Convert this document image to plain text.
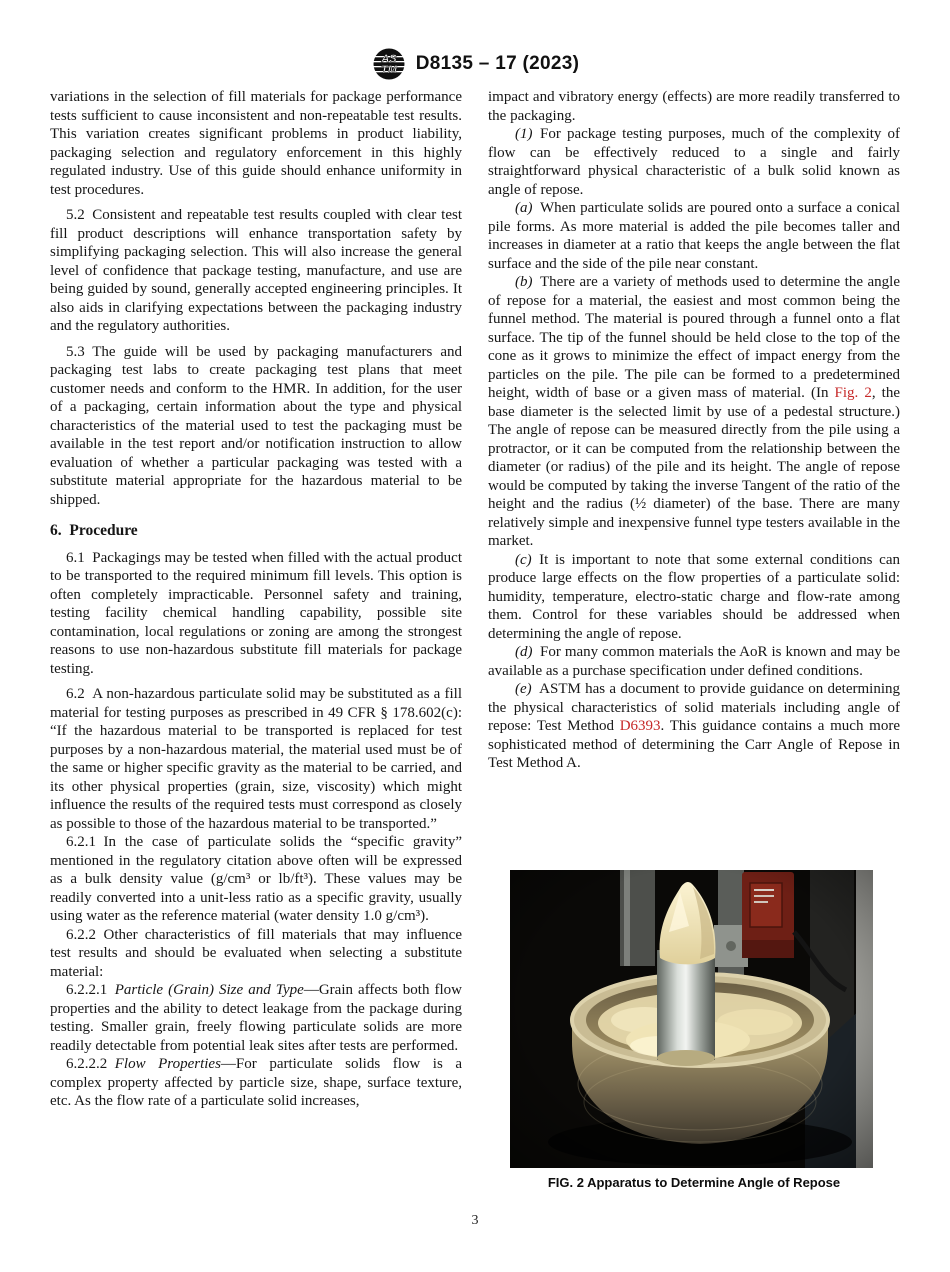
AS
TM D8135 – 17 (2023)

variations in the selection of fill materials for package performance tests sufficient to cause inconsistent and non-repeatable test results. This variation creates significant problems in product liability, packaging selection and regulatory enforcement in this highly regulated industry. Use of this guide should enhance uniformity in test procedures.

5.2 Consistent and repeatable test results coupled with clear test fill product descriptions will enhance transportation safety by simplifying packaging selection. This will also increase the general level of confidence that package testing, manufacture, and use are being guided by sound, generally accepted engineering principles. It also aids in clarifying expectations between the packaging industry and the regulatory authorities.

5.3 The guide will be used by packaging manufacturers and packaging test labs to create packaging test plans that meet customer needs and conform to the HMR. In addition, for the user of a packaging, certain information about the type and physical characteristics of the material used to test the packaging must be available in the test report and/or notification instruction to allow evaluation of whether a particular packaging was tested with a substitute material appropriate for the hazardous material to be shipped.

6. Procedure

6.1 Packagings may be tested when filled with the actual product to be transported to the required minimum fill levels. This option is often completely impracticable. Personnel safety and training, testing facility chemical handling capability, possible site contamination, local regulations or zoning are among the strongest reasons to use non-hazardous substitute fill materials for package testing.

6.2 A non-hazardous particulate solid may be substituted as a fill material for testing purposes as prescribed in 49 CFR § 178.602(c): “If the hazardous material to be transported is replaced for test purposes by a non-hazardous material, the material used must be of the same or higher specific gravity as the material to be carried, and its other physical properties (grain, size, viscosity) which might influence the results of the required tests must correspond as closely as possible to those of the hazardous material to be transported.”

6.2.1 In the case of particulate solids the “specific gravity” mentioned in the regulatory citation above often will be expressed as a bulk density value (g/cm³ or lb/ft³). These values may be readily converted into a unit-less ratio as a specific gravity, usually using water as the reference material (water density 1.0 g/cm³).

6.2.2 Other characteristics of fill materials that may influence test results and should be evaluated when selecting a substitute material:

6.2.2.1 Particle (Grain) Size and Type—Grain affects both flow properties and the ability to detect leakage from the package during testing. Smaller grain, freely flowing particulate solids are more readily detectable from potential leak sites after tests are performed.

6.2.2.2 Flow Properties—For particulate solids flow is a complex property affected by particle size, shape, surface texture, etc. As the flow rate of a particulate solid increases,

impact and vibratory energy (effects) are more readily transferred to the packaging.

(1) For package testing purposes, much of the complexity of flow can be effectively reduced to a single and fairly straightforward physical characteristic of a bulk solid known as angle of repose.

(a) When particulate solids are poured onto a surface a conical pile forms. As more material is added the pile becomes taller and increases in diameter at a ratio that keeps the angle between the flat surface and the side of the pile near constant.

(b) There are a variety of methods used to determine the angle of repose for a material, the easiest and most common being the funnel method. The material is poured through a funnel onto a flat surface. The tip of the funnel should be held close to the top of the cone as it grows to minimize the effect of impact energy from the particles on the pile. The pile can be formed to a predetermined height, width of base or a given mass of material. (In Fig. 2, the base diameter is the selected limit by use of a pedestal structure.) The angle of repose can be measured directly from the pile using a protractor, or it can be computed from the relationship between the diameter (or radius) of the pile and its height. The angle of repose would be computed by taking the inverse Tangent of the ratio of the height and the radius (½ diameter) of the base. There are many relatively simple and inexpensive funnel type testers available in the market.

(c) It is important to note that some external conditions can produce large effects on the flow properties of a particulate solid: humidity, temperature, electro-static charge and flow-rate among them. Control for these variables should be addressed when determining the angle of repose.

(d) For many common materials the AoR is known and may be available as a purchase specification under defined conditions.

(e) ASTM has a document to provide guidance on determining the physical characteristics of solid materials including angle of repose: Test Method D6393. This guidance contains a much more sophisticated method of determining the Carr Angle of Repose in Test Method A.

FIG. 2 Apparatus to Determine Angle of Repose
3
